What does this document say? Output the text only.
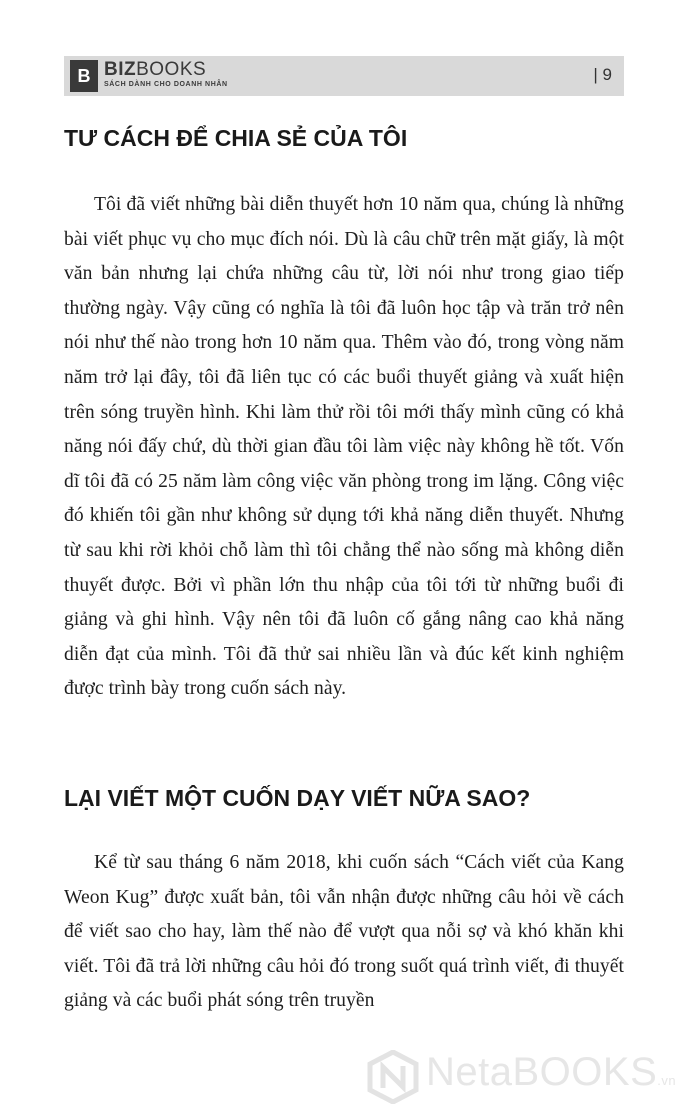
B BIZBOOKS
SÁCH DÀNH CHO DOANH NHÂN
| 9
TƯ CÁCH ĐỂ CHIA SẺ CỦA TÔI

Tôi đã viết những bài diễn thuyết hơn 10 năm qua, chúng là những bài viết phục vụ cho mục đích nói. Dù là câu chữ trên mặt giấy, là một văn bản nhưng lại chứa những câu từ, lời nói như trong giao tiếp thường ngày. Vậy cũng có nghĩa là tôi đã luôn học tập và trăn trở nên nói như thế nào trong hơn 10 năm qua. Thêm vào đó, trong vòng năm năm trở lại đây, tôi đã liên tục có các buổi thuyết giảng và xuất hiện trên sóng truyền hình. Khi làm thử rồi tôi mới thấy mình cũng có khả năng nói đấy chứ, dù thời gian đầu tôi làm việc này không hề tốt. Vốn dĩ tôi đã có 25 năm làm công việc văn phòng trong im lặng. Công việc đó khiến tôi gần như không sử dụng tới khả năng diễn thuyết. Nhưng từ sau khi rời khỏi chỗ làm thì tôi chẳng thể nào sống mà không diễn thuyết được. Bởi vì phần lớn thu nhập của tôi tới từ những buổi đi giảng và ghi hình. Vậy nên tôi đã luôn cố gắng nâng cao khả năng diễn đạt của mình. Tôi đã thử sai nhiều lần và đúc kết kinh nghiệm được trình bày trong cuốn sách này.

LẠI VIẾT MỘT CUỐN DẠY VIẾT NỮA SAO?

Kể từ sau tháng 6 năm 2018, khi cuốn sách “Cách viết của Kang Weon Kug” được xuất bản, tôi vẫn nhận được những câu hỏi về cách để viết sao cho hay, làm thế nào để vượt qua nỗi sợ và khó khăn khi viết. Tôi đã trả lời những câu hỏi đó trong suốt quá trình viết, đi thuyết giảng và các buổi phát sóng trên truyền

NetaBOOKS.vn
